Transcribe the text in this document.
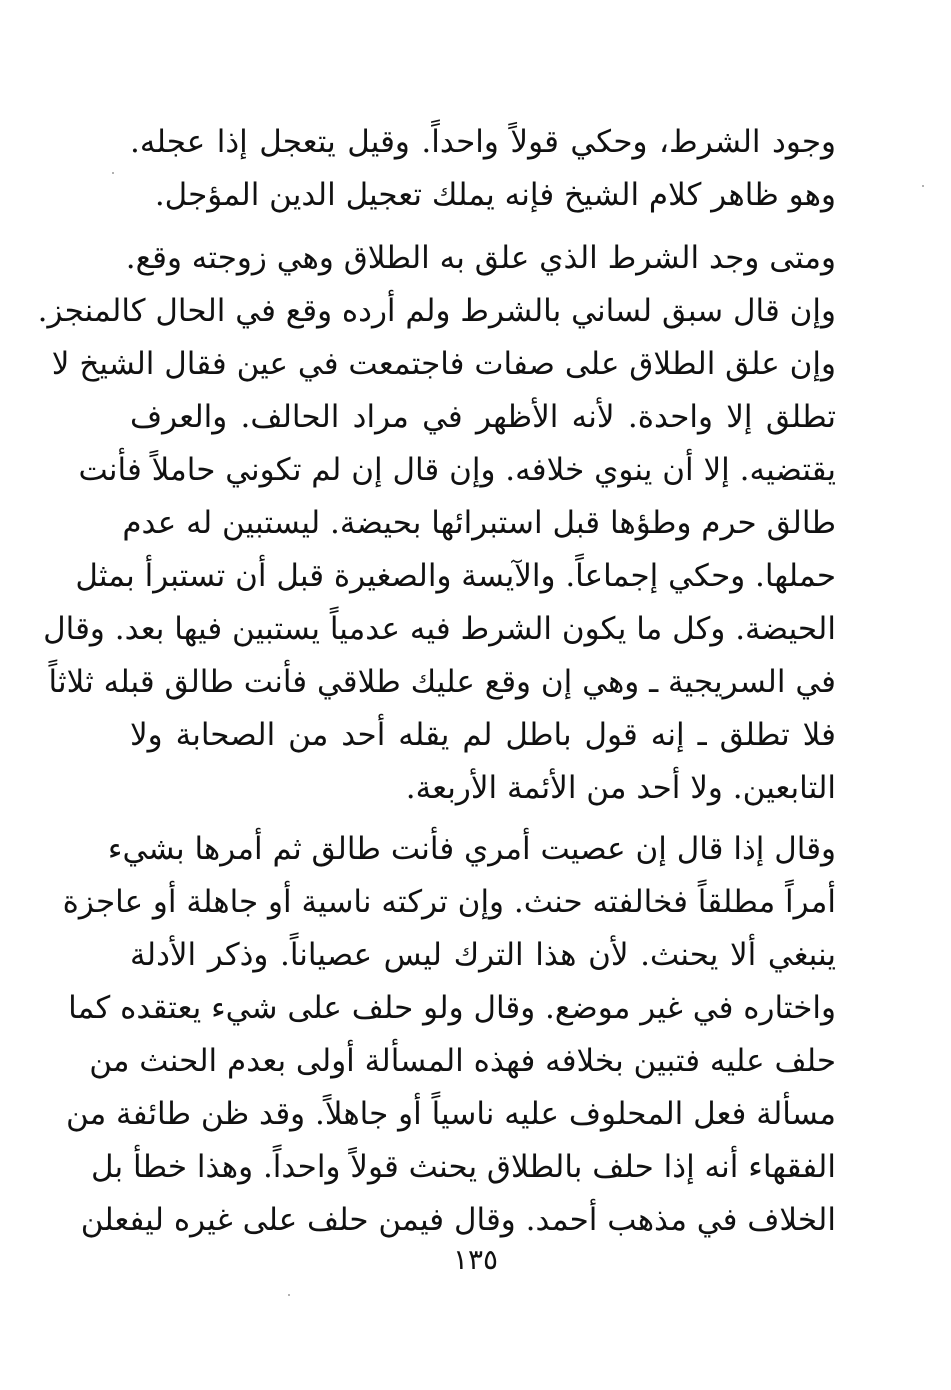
وجود الشرط، وحكي قولاً واحداً. وقيل يتعجل إذا عجله.
وهو ظاهر كلام الشيخ فإنه يملك تعجيل الدين المؤجل.
ومتى وجد الشرط الذي علق به الطلاق وهي زوجته وقع.
وإن قال سبق لساني بالشرط ولم أرده وقع في الحال كالمنجز.
وإن علق الطلاق على صفات فاجتمعت في عين فقال الشيخ لا
تطلق إلا واحدة. لأنه الأظهر في مراد الحالف. والعرف
يقتضيه. إلا أن ينوي خلافه. وإن قال إن لم تكوني حاملاً فأنت
طالق حرم وطؤها قبل استبرائها بحيضة. ليستبين له عدم
حملها. وحكي إجماعاً. والآيسة والصغيرة قبل أن تستبرأ بمثل
الحيضة. وكل ما يكون الشرط فيه عدمياً يستبين فيها بعد. وقال
في السريجية ـ وهي إن وقع عليك طلاقي فأنت طالق قبله ثلاثاً
فلا تطلق ـ إنه قول باطل لم يقله أحد من الصحابة ولا
التابعين. ولا أحد من الأئمة الأربعة.
وقال إذا قال إن عصيت أمري فأنت طالق ثم أمرها بشيء
أمراً مطلقاً فخالفته حنث. وإن تركته ناسية أو جاهلة أو عاجزة
ينبغي ألا يحنث. لأن هذا الترك ليس عصياناً. وذكر الأدلة
واختاره في غير موضع. وقال ولو حلف على شيء يعتقده كما
حلف عليه فتبين بخلافه فهذه المسألة أولى بعدم الحنث من
مسألة فعل المحلوف عليه ناسياً أو جاهلاً. وقد ظن طائفة من
الفقهاء أنه إذا حلف بالطلاق يحنث قولاً واحداً. وهذا خطأ بل
الخلاف في مذهب أحمد. وقال فيمن حلف على غيره ليفعلن
١٣٥
